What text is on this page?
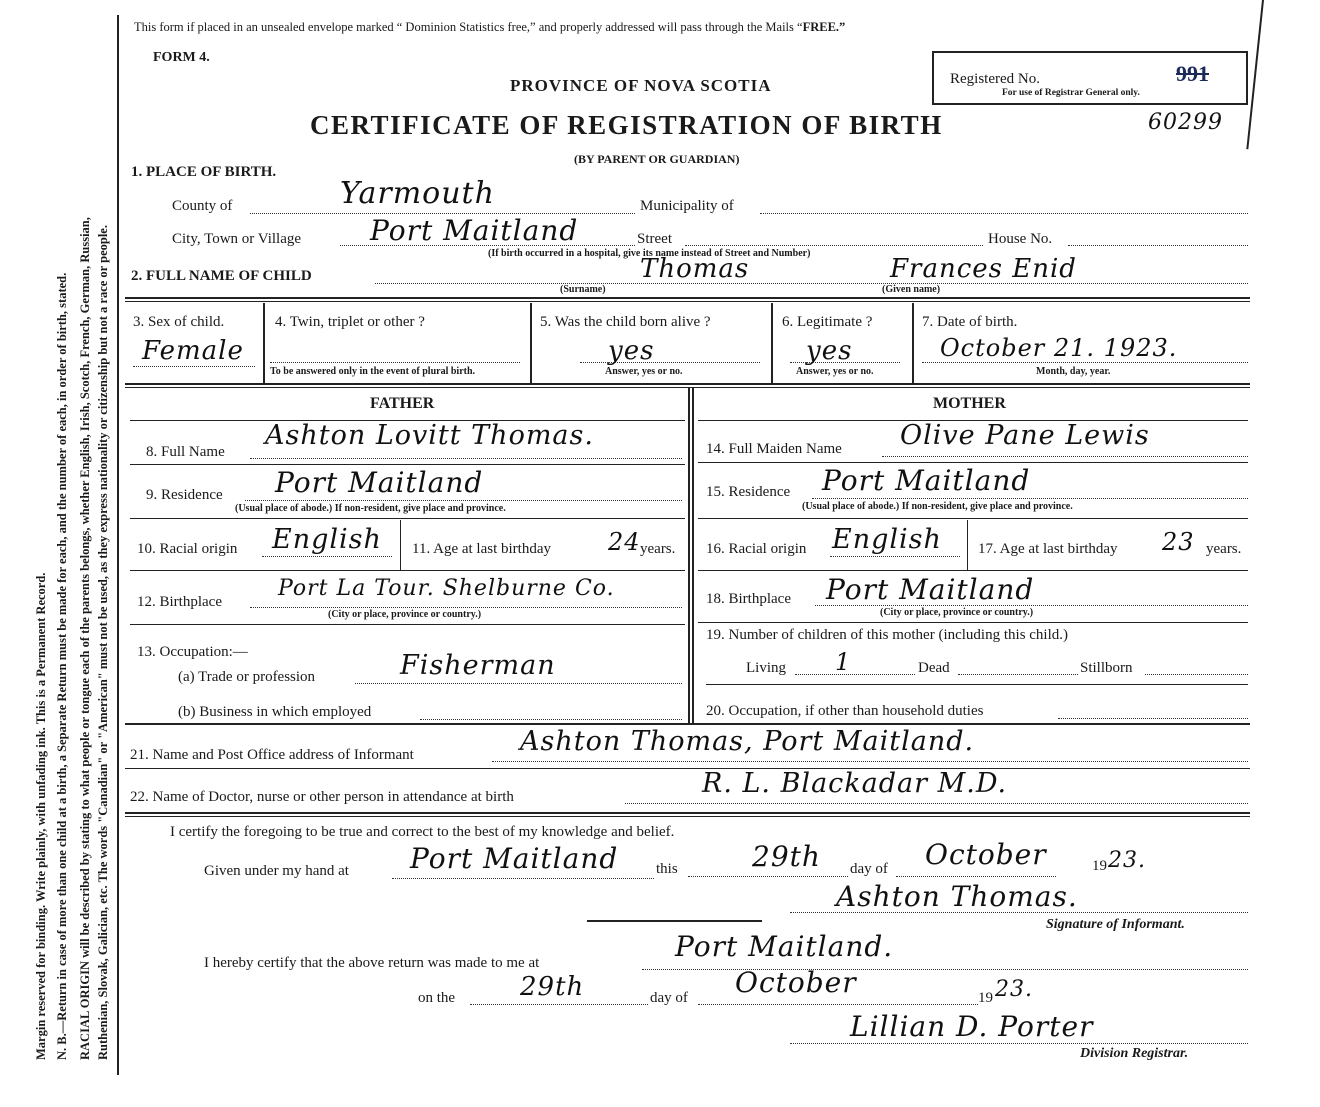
Margin reserved for binding. Write plainly, with unfading ink. This is a Permanent Record. N. B.—Return in case of more than one child at a birth, a Separate Return must be made for each, and the number of each, in order of birth, stated. RACIAL ORIGIN will be described by stating to what people or tongue each of the parents belongs, whether English, Irish, Scotch, French, German, Russian, Ruthenian, Slovak, Galician, etc. The words "Canadian" or "American" must not be used, as they express nationality or citizenship but not a race or people.
This form if placed in an unsealed envelope marked “ Dominion Statistics free,” and properly addressed will pass through the Mails “FREE.”
FORM 4.
PROVINCE OF NOVA SCOTIA
CERTIFICATE OF REGISTRATION OF BIRTH
(BY PARENT OR GUARDIAN)
Registered No.	991
For use of Registrar General only.
60299
1. PLACE OF BIRTH.
County of	Yarmouth	Municipality of
City, Town or Village Port Maitland	Street	House No.
(If birth occurred in a hospital, give its name instead of Street and Number)
2. FULL NAME OF CHILD	Thomas	Frances Enid
(Surname)	(Given name)
3. Sex of child.
Female
4. Twin, triplet or other ?
To be answered only in the event of plural birth.
5. Was the child born alive ?
yes
Answer, yes or no.
6. Legitimate ?
yes
Answer, yes or no.
7. Date of birth.
October 21. 1923.
Month, day, year.
FATHER	MOTHER
8. Full Name
Ashton Lovitt Thomas.
9. Residence Port Maitland
(Usual place of abode.) If non-resident, give place and province.
10. Racial origin English 11. Age at last birthday 24 years.
12. Birthplace
Port La Tour. Shelburne Co.
(City or place, province or country.)
13. Occupation:—
(a) Trade or profession	Fisherman
(b) Business in which employed
14. Full Maiden Name Olive Pane Lewis
15. Residence Port Maitland
(Usual place of abode.) If non-resident, give place and province.
16. Racial origin English 17. Age at last birthday 23 years.
18. Birthplace Port Maitland
(City or place, province or country.)
19. Number of children of this mother (including this child.)
Living 1	Dead	Stillborn
20. Occupation, if other than household duties
21. Name and Post Office address of Informant	Ashton Thomas, Port Maitland.
22. Name of Doctor, nurse or other person in attendance at birth	R. L. Blackadar M.D.
I certify the foregoing to be true and correct to the best of my knowledge and belief.
Given under my hand at Port Maitland	this	29th day of October	19 23.
Ashton Thomas.
Signature of Informant.
I hereby certify that the above return was made to me at	Port Maitland.
on the 29th	day of October	19 23.
Lillian D. Porter
Division Registrar.
